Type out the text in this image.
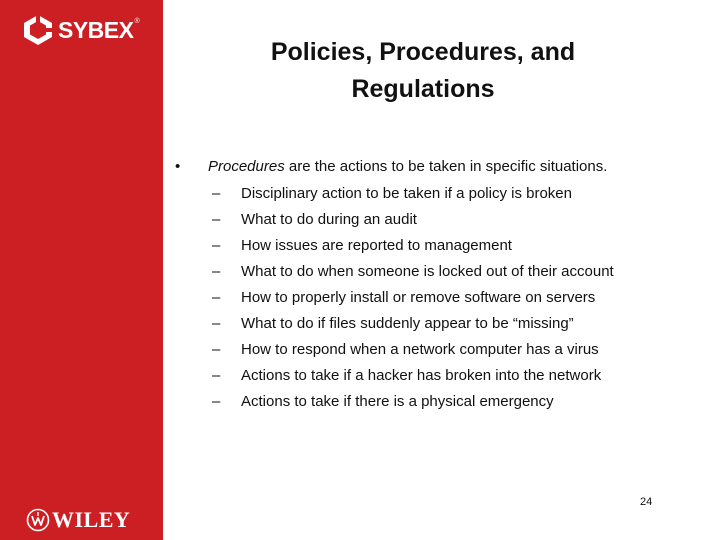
SYBEX ®
WILEY
Policies, Procedures, and
Regulations
• Procedures are the actions to be taken in specific situations.
– Disciplinary action to be taken if a policy is broken
– What to do during an audit
– How issues are reported to management
– What to do when someone is locked out of their account
– How to properly install or remove software on servers
– What to do if files suddenly appear to be “missing”
– How to respond when a network computer has a virus
– Actions to take if a hacker has broken into the network
– Actions to take if there is a physical emergency
24
